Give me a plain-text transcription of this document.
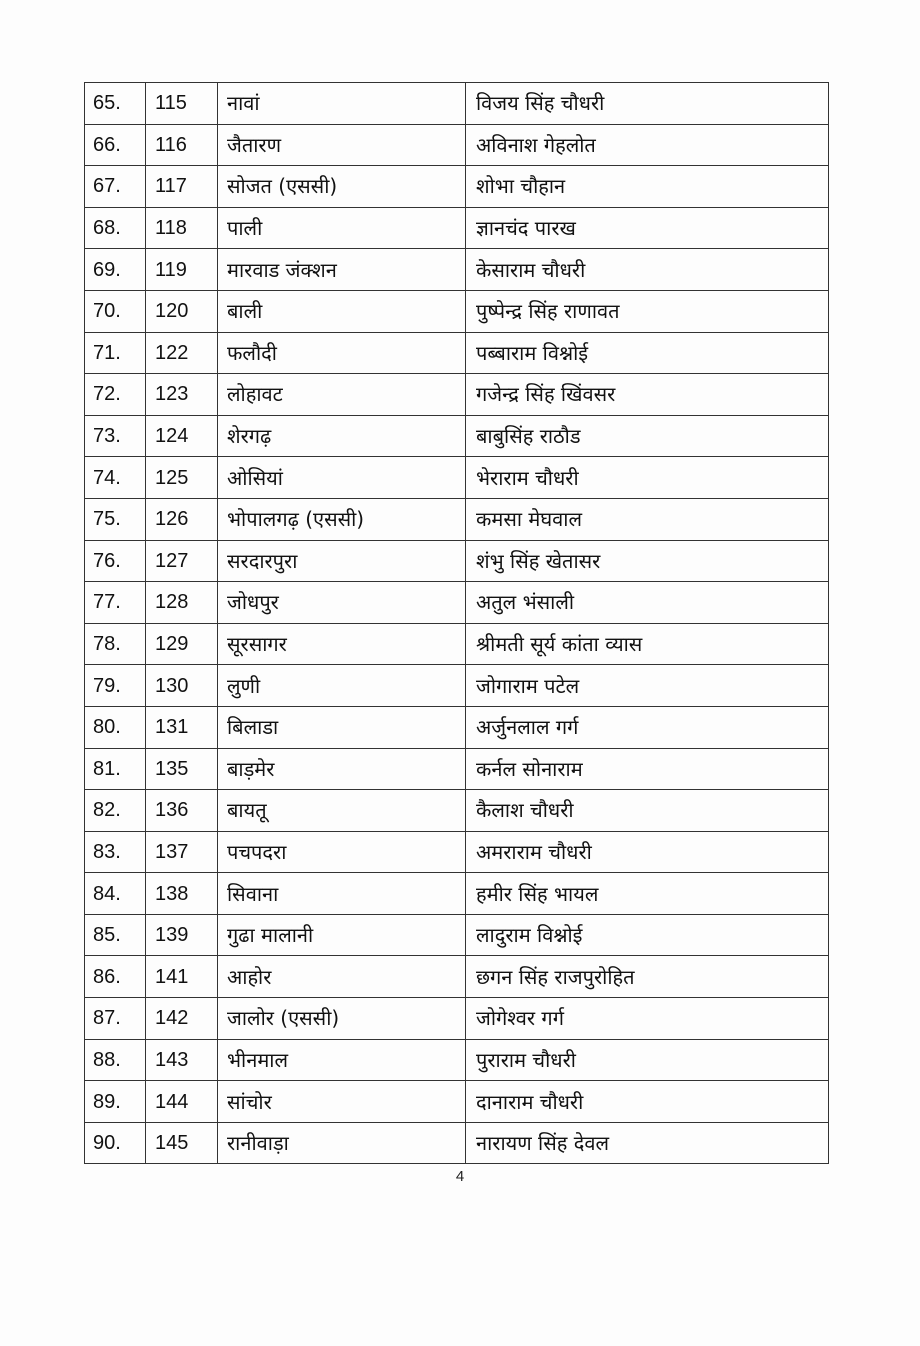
65.	115	नावां	विजय सिंह चौधरी
66.	116	जैतारण	अविनाश गेहलोत
67.	117	सोजत (एससी)	शोभा चौहान
68.	118	पाली	ज्ञानचंद पारख
69.	119	मारवाड जंक्शन	केसाराम चौधरी
70.	120	बाली	पुष्पेन्द्र सिंह राणावत
71.	122	फलौदी	पब्बाराम विश्नोई
72.	123	लोहावट	गजेन्द्र सिंह खिंवसर
73.	124	शेरगढ़	बाबुसिंह राठौड
74.	125	ओसियां	भेराराम चौधरी
75.	126	भोपालगढ़ (एससी)	कमसा मेघवाल
76.	127	सरदारपुरा	शंभु सिंह खेतासर
77.	128	जोधपुर	अतुल भंसाली
78.	129	सूरसागर	श्रीमती सूर्य कांता व्यास
79.	130	लुणी	जोगाराम पटेल
80.	131	बिलाडा	अर्जुनलाल गर्ग
81.	135	बाड़मेर	कर्नल सोनाराम
82.	136	बायतू	कैलाश चौधरी
83.	137	पचपदरा	अमराराम चौधरी
84.	138	सिवाना	हमीर सिंह भायल
85.	139	गुढा मालानी	लादुराम विश्नोई
86.	141	आहोर	छगन सिंह राजपुरोहित
87.	142	जालोर (एससी)	जोगेश्वर गर्ग
88.	143	भीनमाल	पुराराम चौधरी
89.	144	सांचोर	दानाराम चौधरी
90.	145	रानीवाड़ा	नारायण सिंह देवल
4
